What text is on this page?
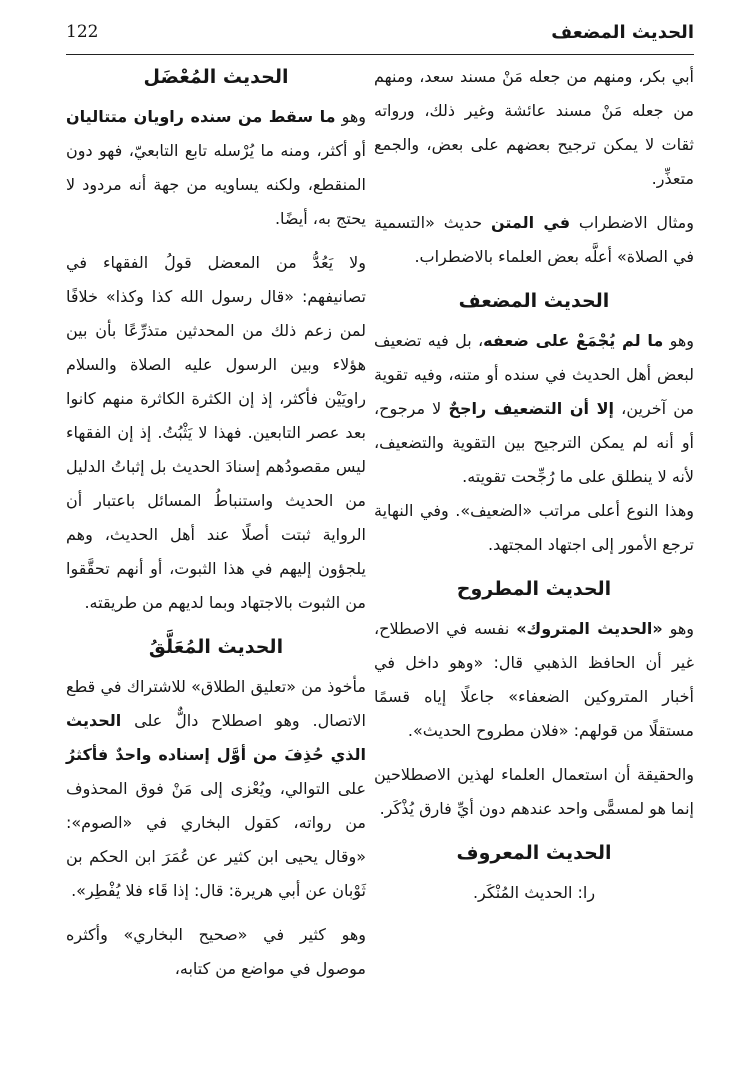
122	الحديث المضعف

أبي بكر، ومنهم من جعله مَنْ مسند سعد، ومنهم من جعله مَنْ مسند عائشة وغير ذلك، ورواته ثقات لا يمكن ترجيح بعضهم على بعض، والجمع متعذِّر.

ومثال الاضطراب في المتن حديث «التسمية في الصلاة» أعلَّه بعض العلماء بالاضطراب.

الحديث المضعف

وهو ما لم يُجْمَعْ على ضعفه، بل فيه تضعيف لبعض أهل الحديث في سنده أو متنه، وفيه تقوية من آخرين، إلا أن التضعيف راجحٌ لا مرجوح، أو أنه لم يمكن الترجيح بين التقوية والتضعيف، لأنه لا ينطلق على ما رُجِّحت تقويته.

وهذا النوع أعلى مراتب «الضعيف». وفي النهاية ترجع الأمور إلى اجتهاد المجتهد.

الحديث المطروح

وهو «الحديث المتروك» نفسه في الاصطلاح، غير أن الحافظ الذهبي قال: «وهو داخل في أخبار المتروكين الضعفاء» جاعلًا إياه قسمًا مستقلًا من قولهم: «فلان مطروح الحديث».

والحقيقة أن استعمال العلماء لهذين الاصطلاحين إنما هو لمسمًّى واحد عندهم دون أيِّ فارق يُذْكَر.

الحديث المعروف

را: الحديث المُنْكَر.

الحديث المُعْضَل

وهو ما سقط من سنده راويان متتاليان أو أكثر، ومنه ما يُرْسله تابع التابعيّ، فهو دون المنقطع، ولكنه يساويه من جهة أنه مردود لا يحتج به، أيضًا.

ولا يَعُدُّ من المعضل قولُ الفقهاء في تصانيفهم: «قال رسول الله كذا وكذا» خلافًا لمن زعم ذلك من المحدثين متذرِّعًا بأن بين هؤلاء وبين الرسول عليه الصلاة والسلام راويَيْن فأكثر، إذ إن الكثرة الكاثرة منهم كانوا بعد عصر التابعين. فهذا لا يَثْبُتُ. إذ إن الفقهاء ليس مقصودُهم إسنادَ الحديث بل إثباتُ الدليل من الحديث واستنباطُ المسائل باعتبار أن الرواية ثبتت أصلًا عند أهل الحديث، وهم يلجؤون إليهم في هذا الثبوت، أو أنهم تحقَّقوا من الثبوت بالاجتهاد وبما لديهم من طريقته.

الحديث المُعَلَّقُ

مأخوذ من «تعليق الطلاق» للاشتراك في قطع الاتصال. وهو اصطلاح دالٌّ على الحديث الذي حُذِفَ من أوَّل إسناده واحدٌ فأكثرُ على التوالي، ويُعْزى إلى مَنْ فوق المحذوف من رواته، كقول البخاري في «الصوم»: «وقال يحيى ابن كثير عن عُمَرَ ابن الحكم بن ثَوْبان عن أبي هريرة: قال: إذا قَاء فلا يُفْطِر».

وهو كثير في «صحيح البخاري» وأكثره موصول في مواضع من كتابه،
